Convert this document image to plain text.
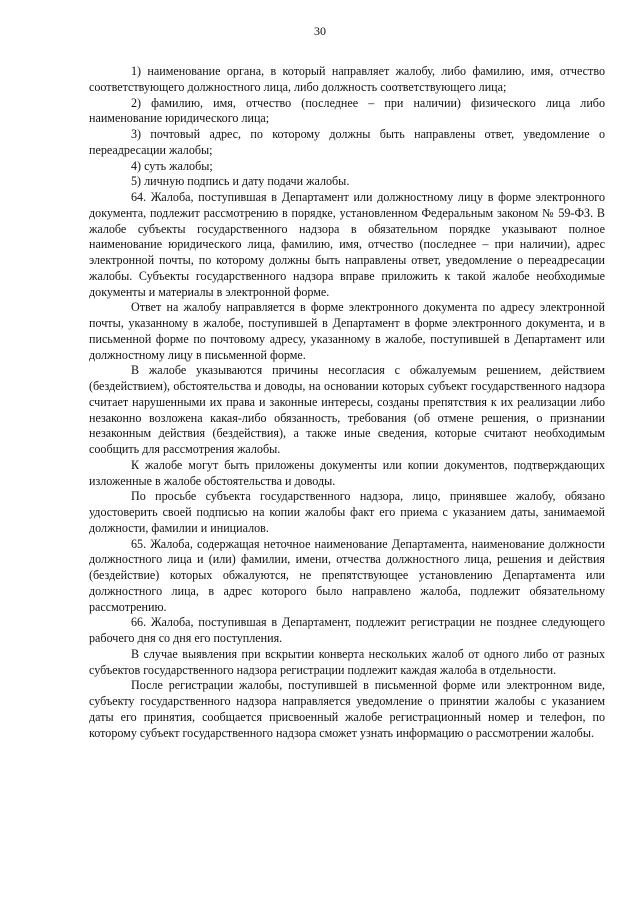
30

1) наименование органа, в который направляет жалобу, либо фамилию, имя, отчество соответствующего должностного лица, либо должность соответствующего лица;

2) фамилию, имя, отчество (последнее – при наличии) физического лица либо наименование юридического лица;

3) почтовый адрес, по которому должны быть направлены ответ, уведомление о переадресации жалобы;

4) суть жалобы;

5) личную подпись и дату подачи жалобы.

64. Жалоба, поступившая в Департамент или должностному лицу в форме электронного документа, подлежит рассмотрению в порядке, установленном Федеральным законом № 59-ФЗ. В жалобе субъекты государственного надзора в обязательном порядке указывают полное наименование юридического лица, фамилию, имя, отчество (последнее – при наличии), адрес электронной почты, по которому должны быть направлены ответ, уведомление о переадресации жалобы. Субъекты государственного надзора вправе приложить к такой жалобе необходимые документы и материалы в электронной форме.

Ответ на жалобу направляется в форме электронного документа по адресу электронной почты, указанному в жалобе, поступившей в Департамент в форме электронного документа, и в письменной форме по почтовому адресу, указанному в жалобе, поступившей в Департамент или должностному лицу в письменной форме.

В жалобе указываются причины несогласия с обжалуемым решением, действием (бездействием), обстоятельства и доводы, на основании которых субъект государственного надзора считает нарушенными их права и законные интересы, созданы препятствия к их реализации либо незаконно возложена какая-либо обязанность, требования (об отмене решения, о признании незаконным действия (бездействия), а также иные сведения, которые считают необходимым сообщить для рассмотрения жалобы.

К жалобе могут быть приложены документы или копии документов, подтверждающих изложенные в жалобе обстоятельства и доводы.

По просьбе субъекта государственного надзора, лицо, принявшее жалобу, обязано удостоверить своей подписью на копии жалобы факт его приема с указанием даты, занимаемой должности, фамилии и инициалов.

65. Жалоба, содержащая неточное наименование Департамента, наименование должности должностного лица и (или) фамилии, имени, отчества должностного лица, решения и действия (бездействие) которых обжалуются, не препятствующее установлению Департамента или должностного лица, в адрес которого было направлено жалоба, подлежит обязательному рассмотрению.

66. Жалоба, поступившая в Департамент, подлежит регистрации не позднее следующего рабочего дня со дня его поступления.

В случае выявления при вскрытии конверта нескольких жалоб от одного либо от разных субъектов государственного надзора регистрации подлежит каждая жалоба в отдельности.

После регистрации жалобы, поступившей в письменной форме или электронном виде, субъекту государственного надзора направляется уведомление о принятии жалобы с указанием даты его принятия, сообщается присвоенный жалобе регистрационный номер и телефон, по которому субъект государственного надзора сможет узнать информацию о рассмотрении жалобы.
